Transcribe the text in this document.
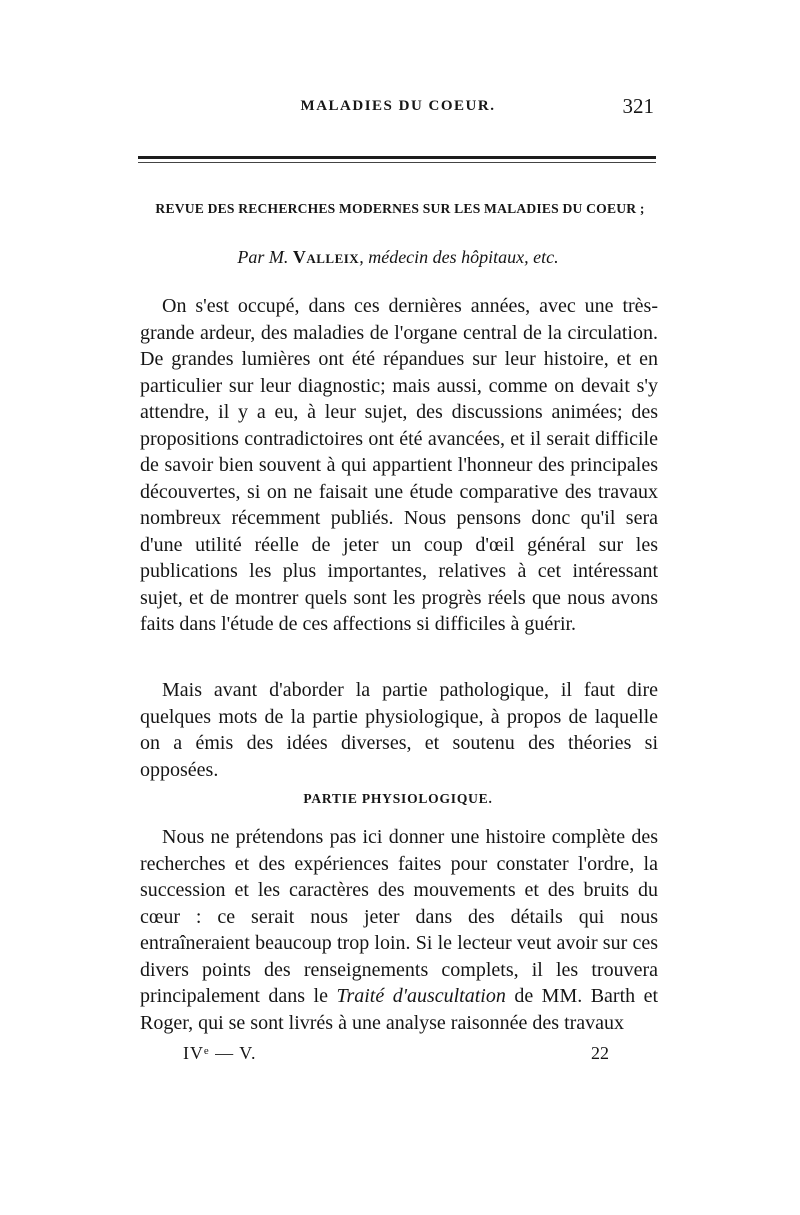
MALADIES DU COEUR.	321
REVUE DES RECHERCHES MODERNES SUR LES MALADIES DU COEUR ;
Par M. Valleix, médecin des hôpitaux, etc.

On s'est occupé, dans ces dernières années, avec une très-grande ardeur, des maladies de l'organe central de la circulation. De grandes lumières ont été répandues sur leur histoire, et en particulier sur leur diagnostic; mais aussi, comme on devait s'y attendre, il y a eu, à leur sujet, des discussions animées; des propositions contradictoires ont été avancées, et il serait difficile de savoir bien souvent à qui appartient l'honneur des principales découvertes, si on ne faisait une étude comparative des travaux nombreux récemment publiés. Nous pensons donc qu'il sera d'une utilité réelle de jeter un coup d'œil général sur les publications les plus importantes, relatives à cet intéressant sujet, et de montrer quels sont les progrès réels que nous avons faits dans l'étude de ces affections si difficiles à guérir.

Mais avant d'aborder la partie pathologique, il faut dire quelques mots de la partie physiologique, à propos de laquelle on a émis des idées diverses, et soutenu des théories si opposées.

PARTIE PHYSIOLOGIQUE.

Nous ne prétendons pas ici donner une histoire complète des recherches et des expériences faites pour constater l'ordre, la succession et les caractères des mouvements et des bruits du cœur : ce serait nous jeter dans des détails qui nous entraîneraient beaucoup trop loin. Si le lecteur veut avoir sur ces divers points des renseignements complets, il les trouvera principalement dans le Traité d'auscultation de MM. Barth et Roger, qui se sont livrés à une analyse raisonnée des travaux

IVᵉ — V.	22
